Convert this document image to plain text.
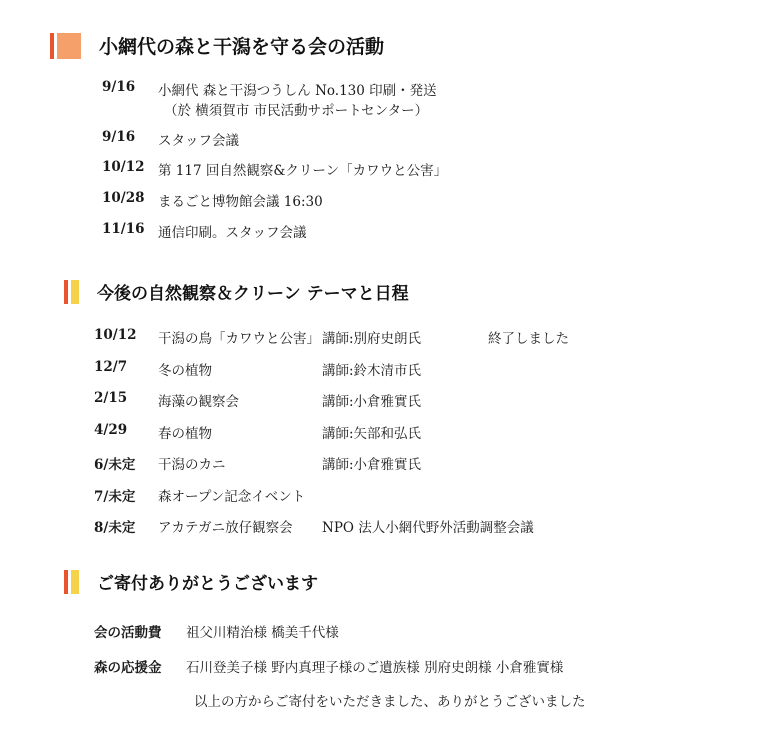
小網代の森と干潟を守る会の活動
9/16 小網代 森と干潟つうしん No.130 印刷・発送
（於 横須賀市 市民活動サポートセンター）
9/16 スタッフ会議
10/12 第 117 回自然観察&クリーン「カワウと公害」
10/28 まるごと博物館会議 16:30
11/16 通信印刷。スタッフ会議
今後の自然観察＆クリーン テーマと日程
10/12 干潟の鳥「カワウと公害」 講師:別府史朗氏	終了しました
12/7 冬の植物	講師:鈴木清市氏
2/15 海藻の観察会	講師:小倉雅實氏
4/29 春の植物	講師:矢部和弘氏
6/未定 干潟のカニ	講師:小倉雅實氏
7/未定 森オープン記念イベント
8/未定 アカテガニ放仔観察会 NPO 法人小網代野外活動調整会議
ご寄付ありがとうございます
会の活動費 祖父川精治様 橋美千代様
森の応援金 石川登美子様 野内真理子様のご遺族様 別府史朗様 小倉雅實様
以上の方からご寄付をいただきました、ありがとうございました
